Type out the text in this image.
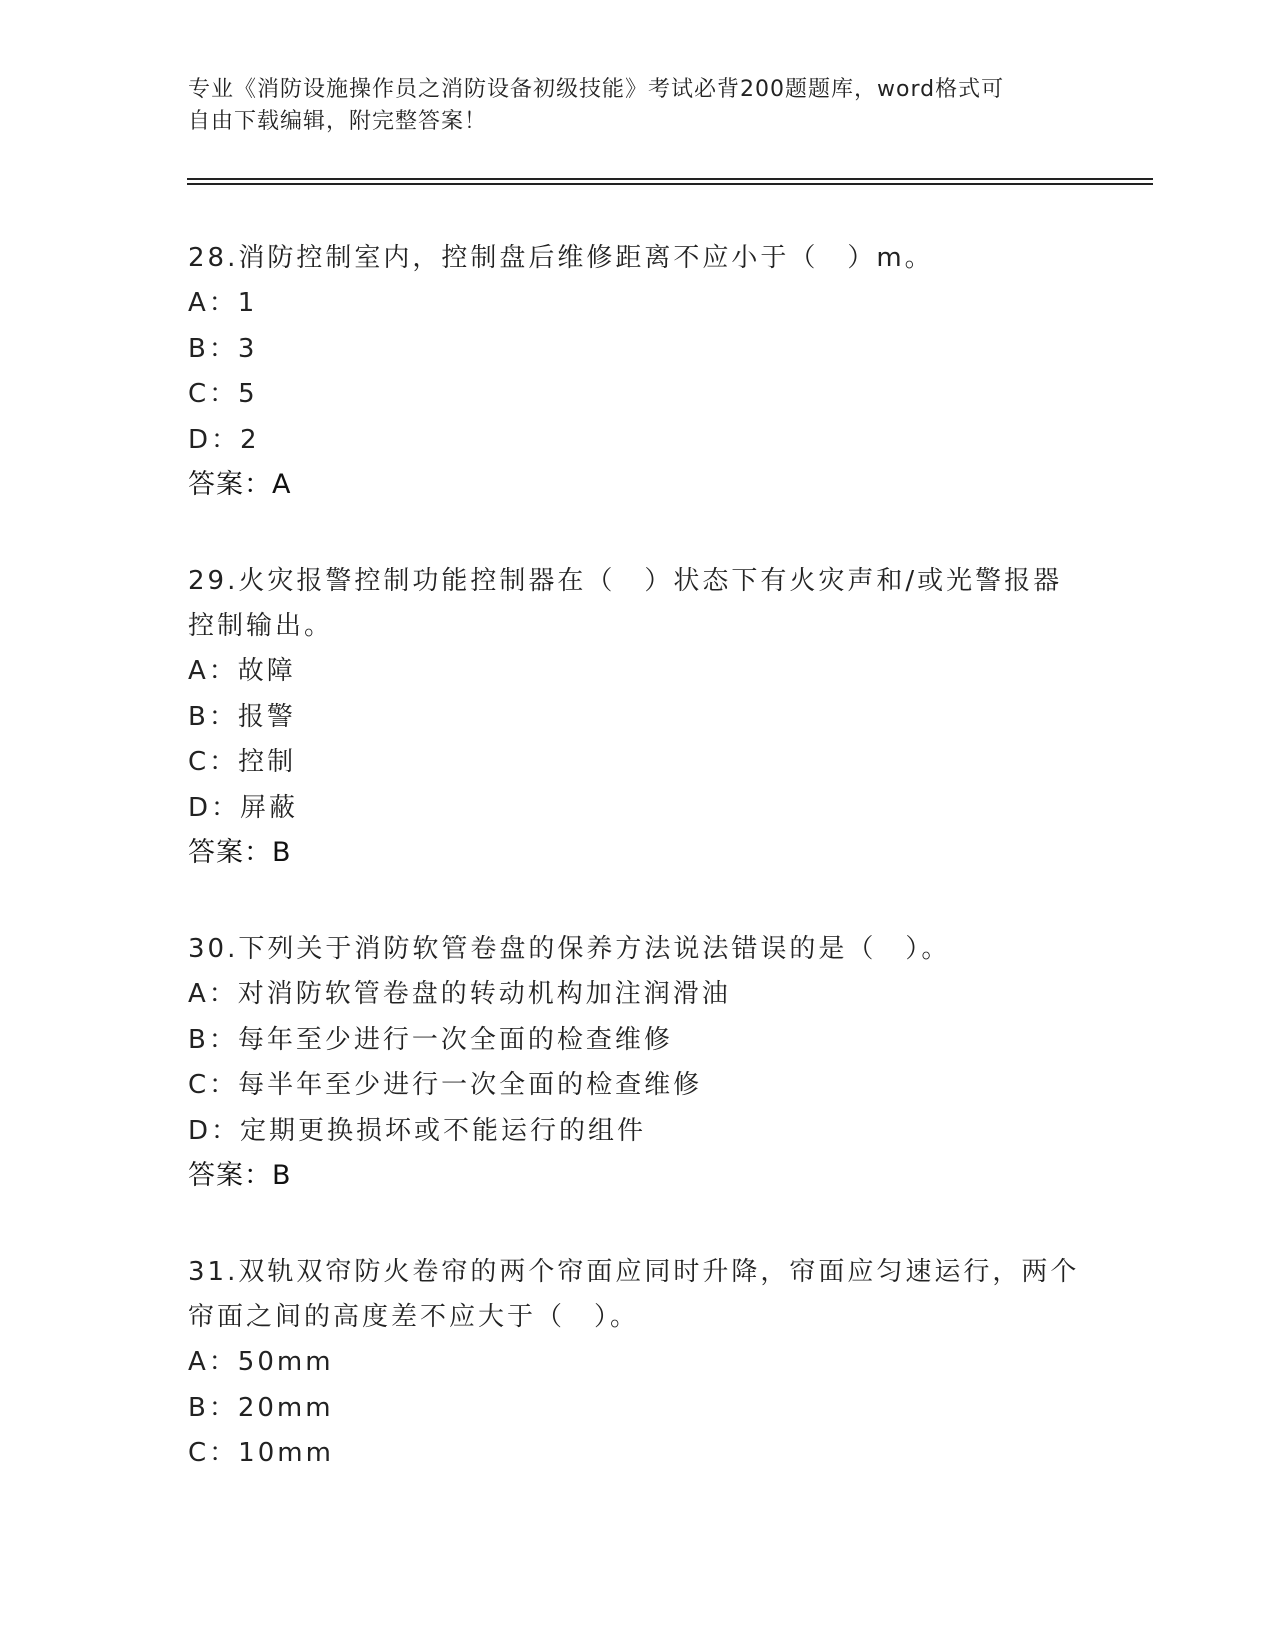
专业《消防设施操作员之消防设备初级技能》考试必背200题题库，word格式可
自由下载编辑，附完整答案！

28.消防控制室内，控制盘后维修距离不应小于（　）m。

A：1

B：3

C：5

D：2

答案：A

29.火灾报警控制功能控制器在（　）状态下有火灾声和/或光警报器控制输出。

A：故障

B：报警

C：控制

D：屏蔽

答案：B

30.下列关于消防软管卷盘的保养方法说法错误的是（　）。

A：对消防软管卷盘的转动机构加注润滑油

B：每年至少进行一次全面的检查维修

C：每半年至少进行一次全面的检查维修

D：定期更换损坏或不能运行的组件

答案：B

31.双轨双帘防火卷帘的两个帘面应同时升降，帘面应匀速运行，两个帘面之间的高度差不应大于（　）。

A：50mm

B：20mm

C：10mm
